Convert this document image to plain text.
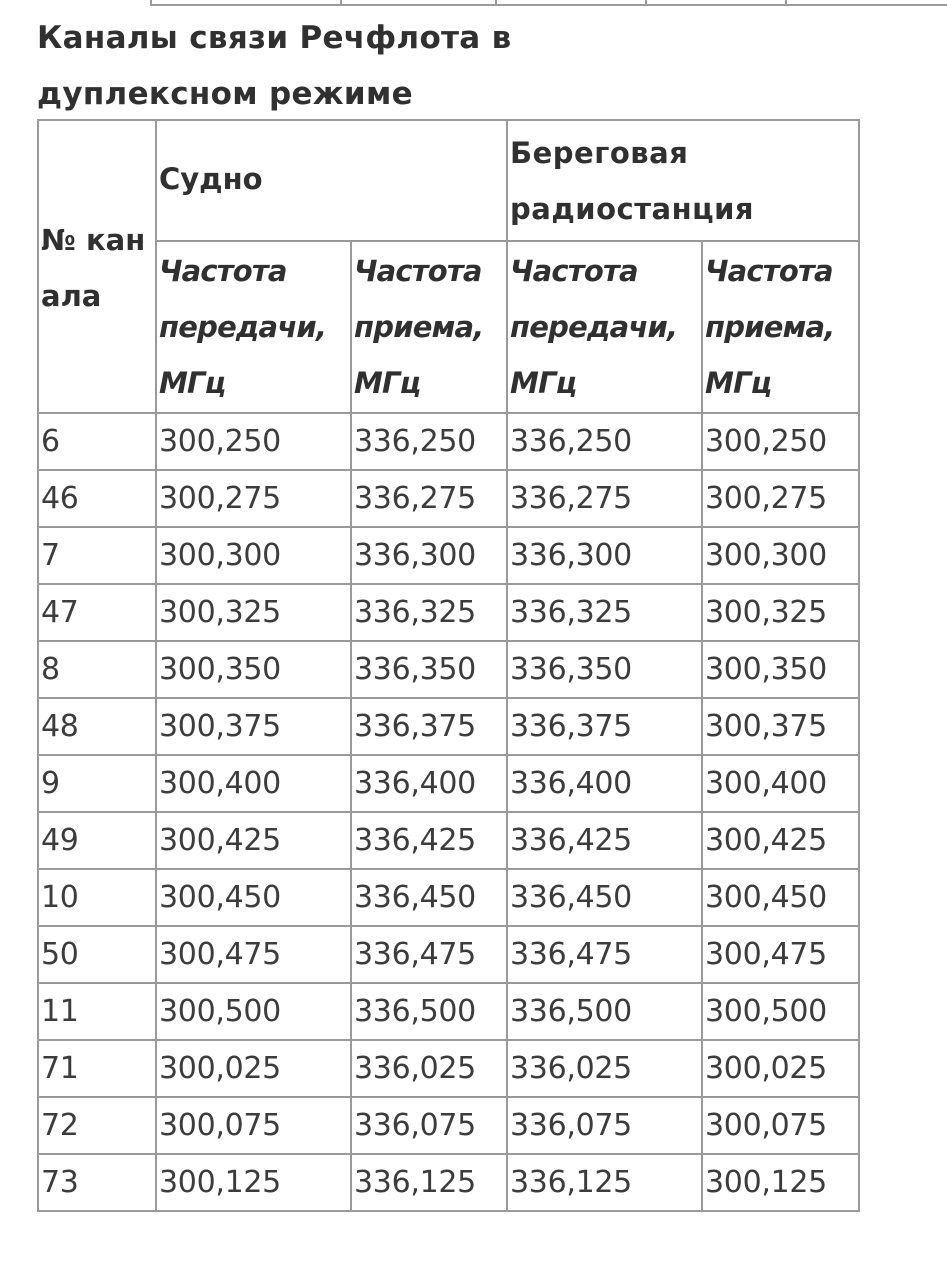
Каналы связи Речфлота в дуплексном режиме
№ канала	Судно		Береговая радиостанция	
	Частота передачи, МГц	Частота приема, МГц	Частота передачи, МГц	Частота приема, МГц
6	300,250	336,250	336,250	300,250
46	300,275	336,275	336,275	300,275
7	300,300	336,300	336,300	300,300
47	300,325	336,325	336,325	300,325
8	300,350	336,350	336,350	300,350
48	300,375	336,375	336,375	300,375
9	300,400	336,400	336,400	300,400
49	300,425	336,425	336,425	300,425
10	300,450	336,450	336,450	300,450
50	300,475	336,475	336,475	300,475
11	300,500	336,500	336,500	300,500
71	300,025	336,025	336,025	300,025
72	300,075	336,075	336,075	300,075
73	300,125	336,125	336,125	300,125
